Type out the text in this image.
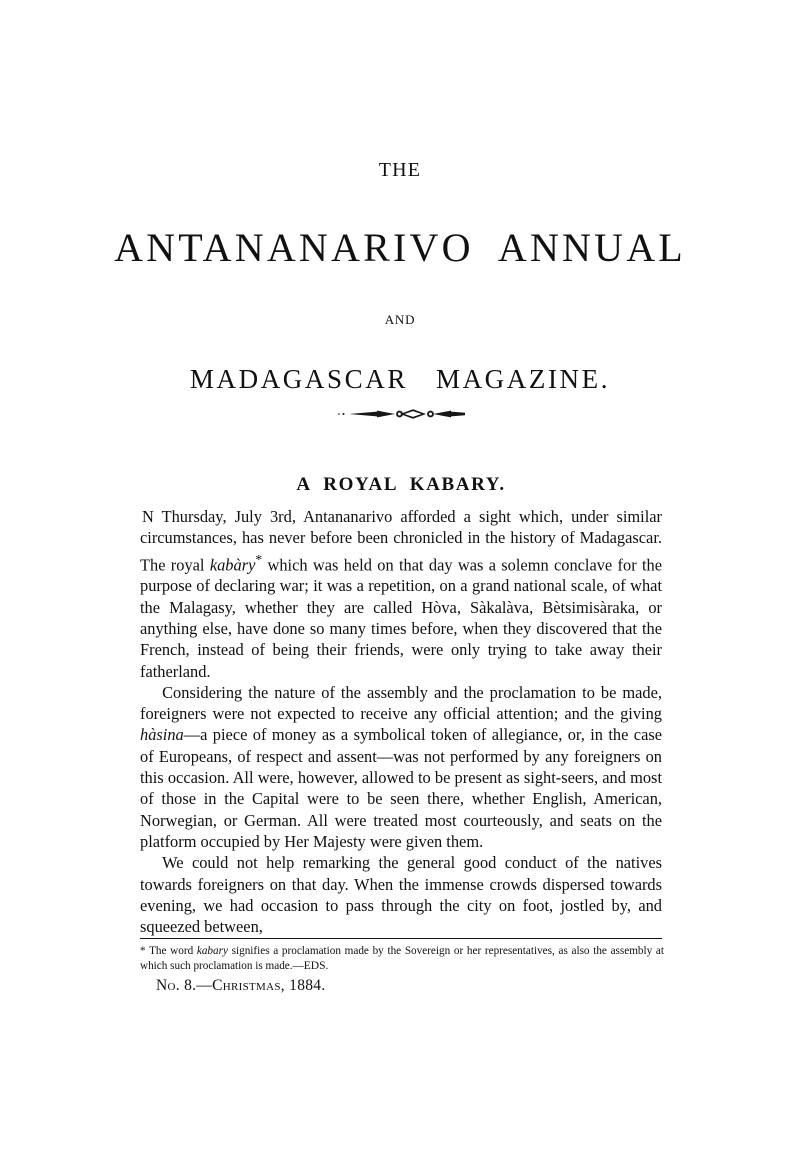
THE
ANTANANARIVO  ANNUAL
AND
MADAGASCAR   MAGAZINE.
A  ROYAL  KABARY.

N Thursday, July 3rd, Antananarivo afforded a sight which, under similar circumstances, has never before been chronicled in the history of Madagascar. The royal kabàry* which was held on that day was a solemn conclave for the purpose of declaring war; it was a repetition, on a grand national scale, of what the Malagasy, whether they are called Hòva, Sàkalàva, Bètsimisàraka, or anything else, have done so many times before, when they discovered that the French, instead of being their friends, were only trying to take away their fatherland.

Considering the nature of the assembly and the proclamation to be made, foreigners were not expected to receive any official attention; and the giving hàsina—a piece of money as a symbolical token of allegiance, or, in the case of Europeans, of respect and assent—was not performed by any foreigners on this occasion. All were, however, allowed to be present as sight-seers, and most of those in the Capital were to be seen there, whether English, American, Norwegian, or German. All were treated most courteously, and seats on the platform occupied by Her Majesty were given them.

We could not help remarking the general good conduct of the natives towards foreigners on that day. When the immense crowds dispersed towards evening, we had occasion to pass through the city on foot, jostled by, and squeezed between,

* The word kabary signifies a proclamation made by the Sovereign or her representatives, as also the assembly at which such proclamation is made.—EDS.
No. 8.—Christmas, 1884.
